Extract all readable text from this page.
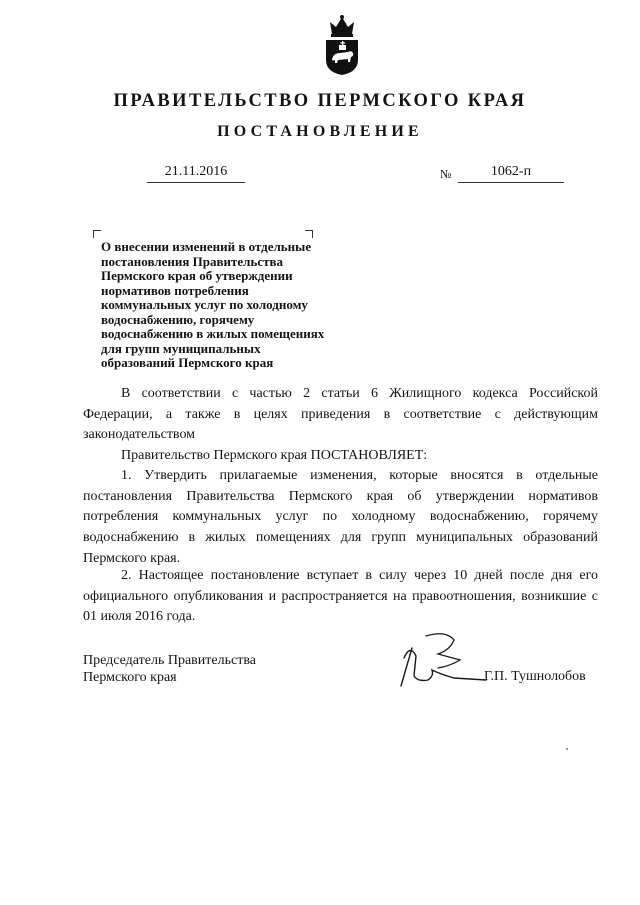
ПРАВИТЕЛЬСТВО ПЕРМСКОГО КРАЯ
ПОСТАНОВЛЕНИЕ
21.11.2016	№	1062-п
О внесении изменений в отдельные
постановления Правительства
Пермского края об утверждении
нормативов потребления
коммунальных услуг по холодному
водоснабжению, горячему
водоснабжению в жилых помещениях
для групп муниципальных
образований Пермского края
В соответствии с частью 2 статьи 6 Жилищного кодекса Российской Федерации, а также в целях приведения в соответствие с действующим законодательством
Правительство Пермского края ПОСТАНОВЛЯЕТ:
1. Утвердить прилагаемые изменения, которые вносятся в отдельные постановления Правительства Пермского края об утверждении нормативов потребления коммунальных услуг по холодному водоснабжению, горячему водоснабжению в жилых помещениях для групп муниципальных образований Пермского края.
2. Настоящее постановление вступает в силу через 10 дней после дня его официального опубликования и распространяется на правоотношения, возникшие с 01 июля 2016 года.
Председатель Правительства
Пермского края	Г.П. Тушнолобов
